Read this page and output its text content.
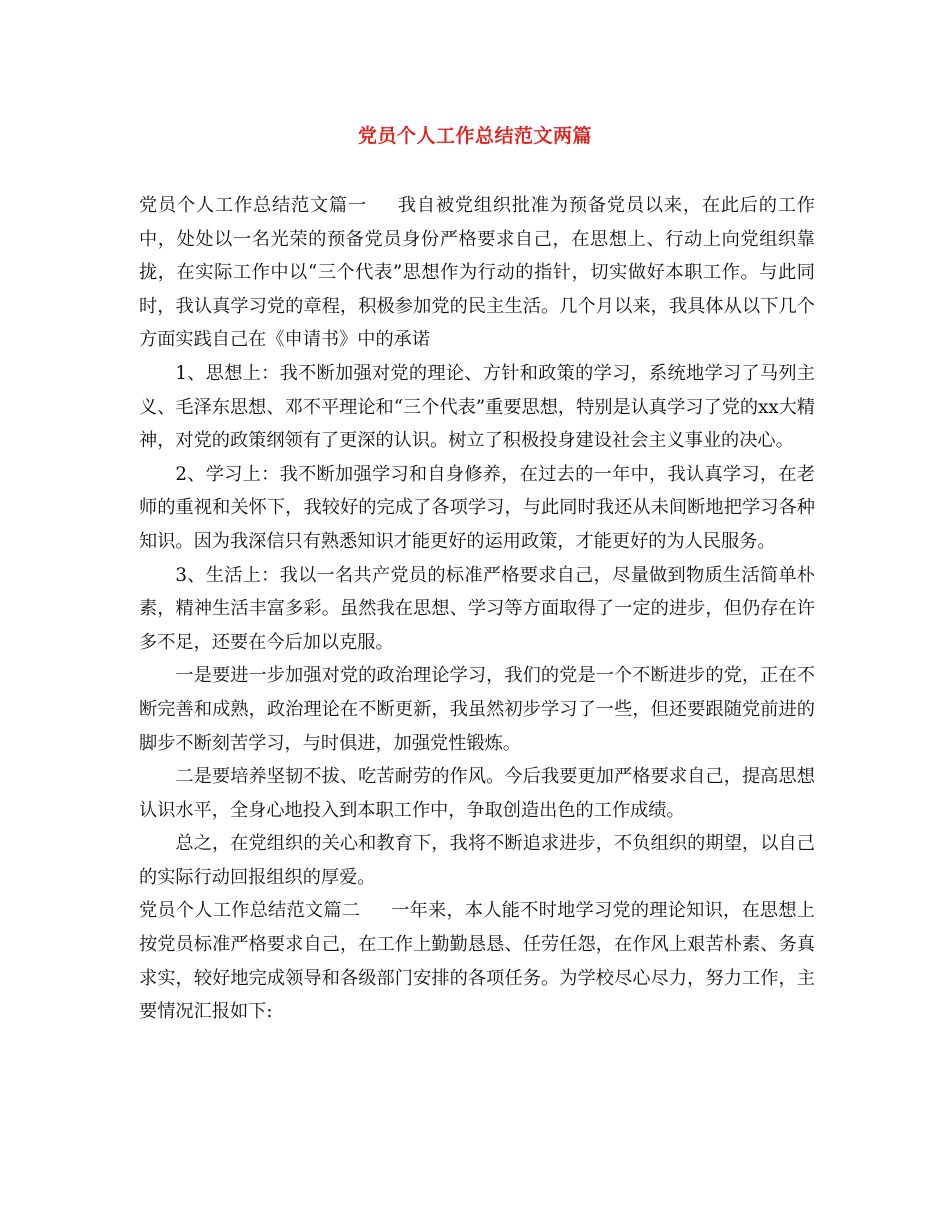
党员个人工作总结范文两篇

党员个人工作总结范文篇一 我自被党组织批准为预备党员以来，在此后的工作中，处处以一名光荣的预备党员身份严格要求自己，在思想上、行动上向党组织靠拢，在实际工作中以“三个代表”思想作为行动的指针，切实做好本职工作。与此同时，我认真学习党的章程，积极参加党的民主生活。几个月以来，我具体从以下几个方面实践自己在《申请书》中的承诺

1、思想上：我不断加强对党的理论、方针和政策的学习，系统地学习了马列主义、毛泽东思想、邓不平理论和“三个代表”重要思想，特别是认真学习了党的xx大精神，对党的政策纲领有了更深的认识。树立了积极投身建设社会主义事业的决心。

2、学习上：我不断加强学习和自身修养，在过去的一年中，我认真学习，在老师的重视和关怀下，我较好的完成了各项学习，与此同时我还从未间断地把学习各种知识。因为我深信只有熟悉知识才能更好的运用政策，才能更好的为人民服务。

3、生活上：我以一名共产党员的标准严格要求自己，尽量做到物质生活简单朴素，精神生活丰富多彩。虽然我在思想、学习等方面取得了一定的进步，但仍存在许多不足，还要在今后加以克服。

一是要进一步加强对党的政治理论学习，我们的党是一个不断进步的党，正在不断完善和成熟，政治理论在不断更新，我虽然初步学习了一些，但还要跟随党前进的脚步不断刻苦学习，与时俱进，加强党性锻炼。

二是要培养坚韧不拔、吃苦耐劳的作风。今后我要更加严格要求自己，提高思想认识水平，全身心地投入到本职工作中，争取创造出色的工作成绩。

总之，在党组织的关心和教育下，我将不断追求进步，不负组织的期望，以自己的实际行动回报组织的厚爱。

党员个人工作总结范文篇二 一年来，本人能不时地学习党的理论知识，在思想上按党员标准严格要求自己，在工作上勤勤恳恳、任劳任怨，在作风上艰苦朴素、务真求实，较好地完成领导和各级部门安排的各项任务。为学校尽心尽力，努力工作，主要情况汇报如下:
